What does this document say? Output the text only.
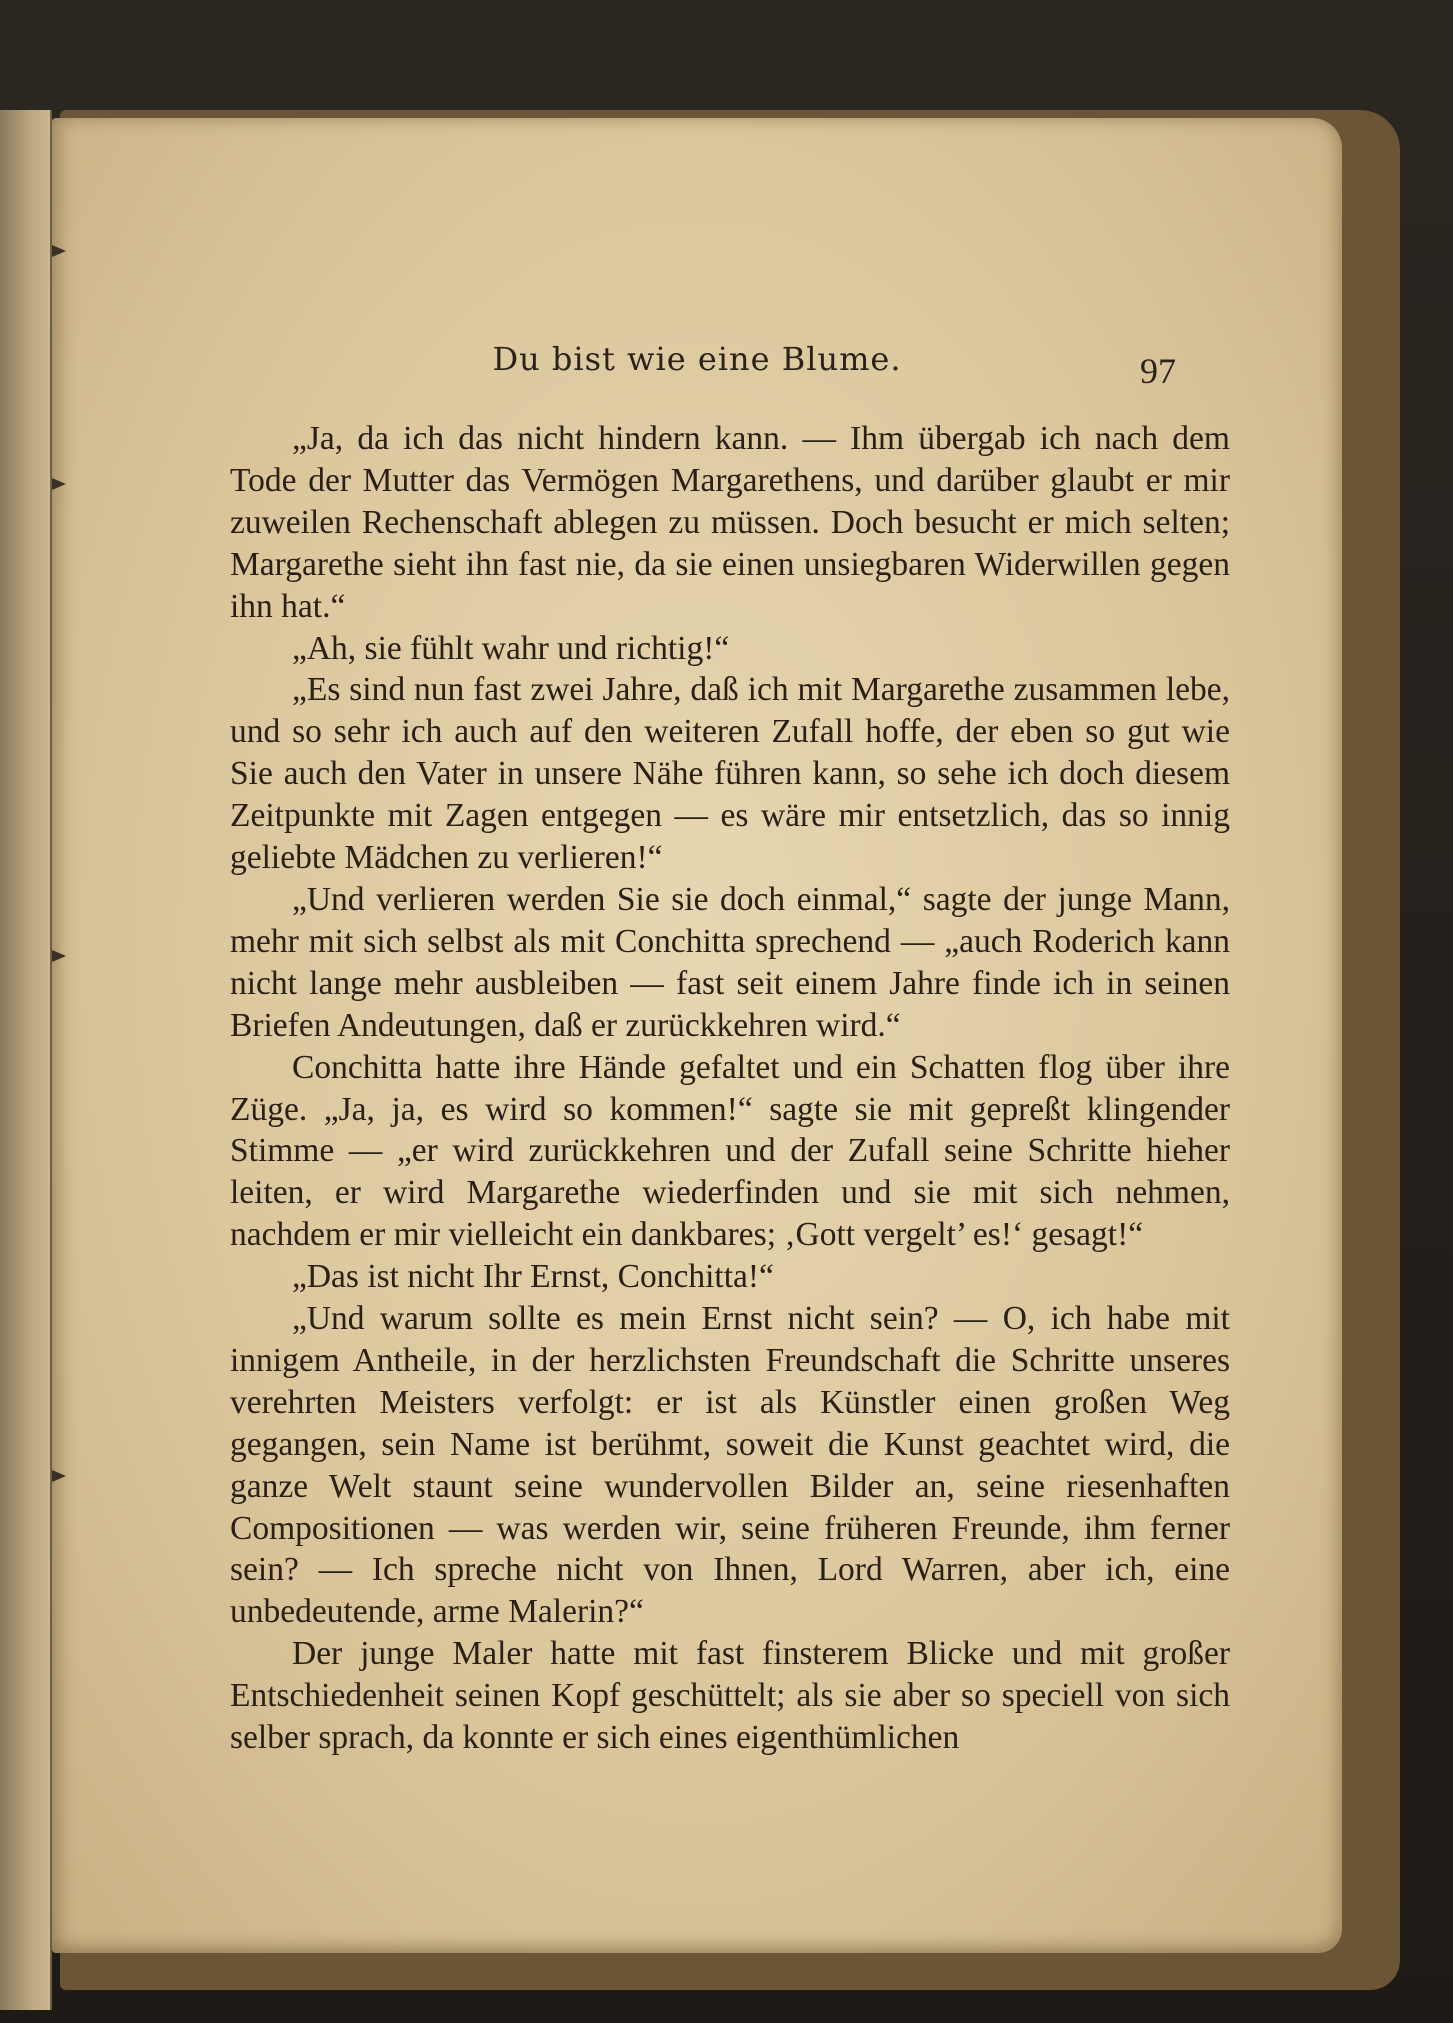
Du bist wie eine Blume.	97

„Ja, da ich das nicht hindern kann. — Ihm übergab ich nach dem Tode der Mutter das Vermögen Margarethens, und darüber glaubt er mir zuweilen Rechenschaft ablegen zu müssen. Doch besucht er mich selten; Margarethe sieht ihn fast nie, da sie einen unsiegbaren Widerwillen gegen ihn hat.“

„Ah, sie fühlt wahr und richtig!“

„Es sind nun fast zwei Jahre, daß ich mit Margarethe zusammen lebe, und so sehr ich auch auf den weiteren Zufall hoffe, der eben so gut wie Sie auch den Vater in unsere Nähe führen kann, so sehe ich doch diesem Zeitpunkte mit Zagen entgegen — es wäre mir entsetzlich, das so innig geliebte Mädchen zu verlieren!“

„Und verlieren werden Sie sie doch einmal,“ sagte der junge Mann, mehr mit sich selbst als mit Conchitta sprechend — „auch Roderich kann nicht lange mehr ausbleiben — fast seit einem Jahre finde ich in seinen Briefen Andeutungen, daß er zurückkehren wird.“

Conchitta hatte ihre Hände gefaltet und ein Schatten flog über ihre Züge. „Ja, ja, es wird so kommen!“ sagte sie mit gepreßt klingender Stimme — „er wird zurückkehren und der Zufall seine Schritte hieher leiten, er wird Margarethe wiederfinden und sie mit sich nehmen, nachdem er mir vielleicht ein dankbares; ‚Gott vergelt’ es!‘ gesagt!“

„Das ist nicht Ihr Ernst, Conchitta!“

„Und warum sollte es mein Ernst nicht sein? — O, ich habe mit innigem Antheile, in der herzlichsten Freundschaft die Schritte unseres verehrten Meisters verfolgt: er ist als Künstler einen großen Weg gegangen, sein Name ist berühmt, soweit die Kunst geachtet wird, die ganze Welt staunt seine wundervollen Bilder an, seine riesenhaften Compositionen — was werden wir, seine früheren Freunde, ihm ferner sein? — Ich spreche nicht von Ihnen, Lord Warren, aber ich, eine unbedeutende, arme Malerin?“

Der junge Maler hatte mit fast finsterem Blicke und mit großer Entschiedenheit seinen Kopf geschüttelt; als sie aber so speciell von sich selber sprach, da konnte er sich eines eigenthümlichen
